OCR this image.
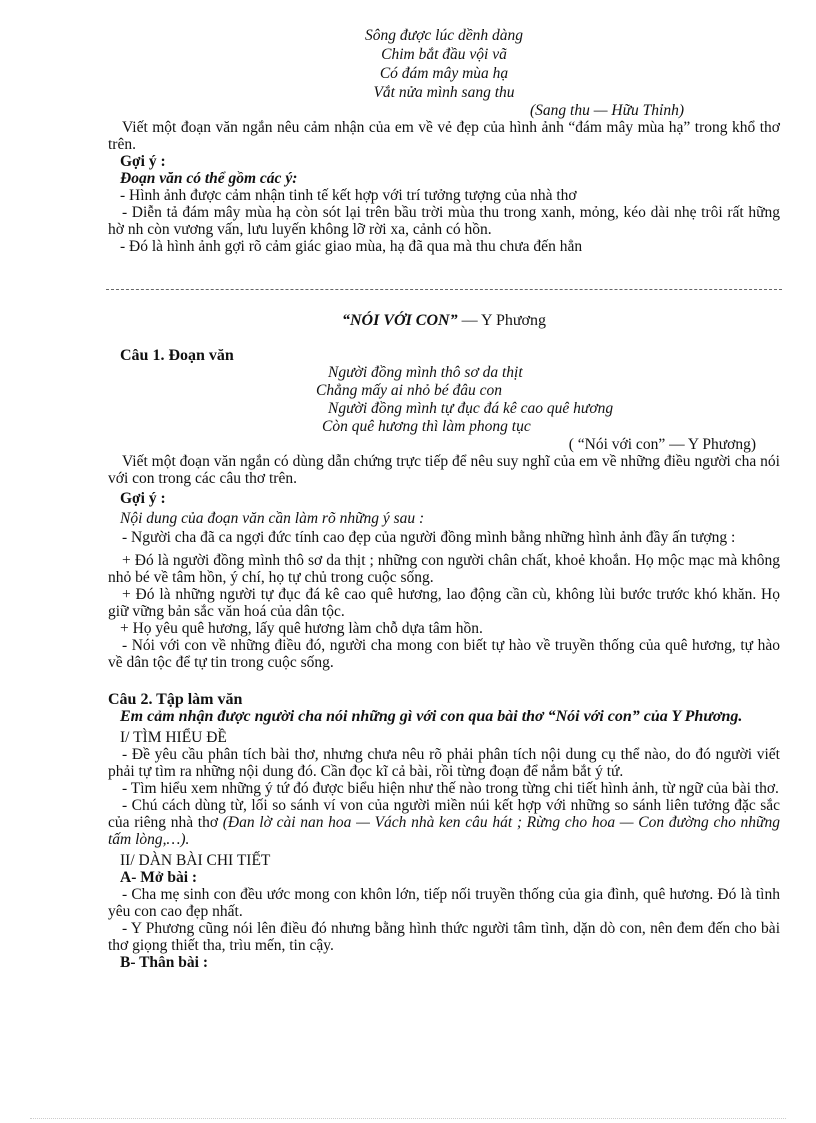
Sông được lúc dềnh dàng
Chim bắt đầu vội vã
Có đám mây mùa hạ
Vắt nửa mình sang thu
(Sang thu — Hữu Thỉnh)
Viết một đoạn văn ngắn nêu cảm nhận của em về vẻ đẹp của hình ảnh “đám mây mùa hạ” trong khổ thơ trên.
Gợi ý :
Đoạn văn có thể gồm các ý:
- Hình ảnh được cảm nhận tinh tế kết hợp với trí tưởng tượng của nhà thơ
- Diễn tả đám mây mùa hạ còn sót lại trên bầu trời mùa thu trong xanh, mỏng, kéo dài nhẹ trôi rất hững hờ nh còn vương vấn, lưu luyến không lỡ rời xa, cảnh có hồn.
- Đó là hình ảnh gợi rõ cảm giác giao mùa, hạ đã qua mà thu chưa đến hẳn
“NÓI VỚI CON” — Y Phương
Câu 1. Đoạn văn
Người đồng mình thô sơ da thịt
Chẳng mấy ai nhỏ bé đâu con
Người đồng mình tự đục đá kê cao quê hương
Còn quê hương thì làm phong tục
( “Nói với con” — Y Phương)
Viết một đoạn văn ngắn có dùng dẫn chứng trực tiếp để nêu suy nghĩ của em về những điều người cha nói với con trong các câu thơ trên.
Gợi ý :
Nội dung của đoạn văn cần làm rõ những ý sau :
- Người cha đã ca ngợi đức tính cao đẹp của người đồng mình bằng những hình ảnh đầy ấn tượng :
+ Đó là người đồng mình thô sơ da thịt ; những con người chân chất, khoẻ khoắn. Họ mộc mạc mà không nhỏ bé về tâm hồn, ý chí, họ tự chủ trong cuộc sống.
+ Đó là những người tự đục đá kê cao quê hương, lao động cần cù, không lùi bước trước khó khăn. Họ giữ vững bản sắc văn hoá của dân tộc.
+ Họ yêu quê hương, lấy quê hương làm chỗ dựa tâm hồn.
- Nói với con về những điều đó, người cha mong con biết tự hào về truyền thống của quê hương, tự hào về dân tộc để tự tin trong cuộc sống.
Câu 2. Tập làm văn
Em cảm nhận được người cha nói những gì với con qua bài thơ “Nói với con” của Y Phương.
I/ TÌM HIỂU ĐỀ
- Đề yêu cầu phân tích bài thơ, nhưng chưa nêu rõ phải phân tích nội dung cụ thể nào, do đó người viết phải tự tìm ra những nội dung đó. Cần đọc kĩ cả bài, rồi từng đoạn để nắm bắt ý tứ.
- Tìm hiểu xem những ý tứ đó được biểu hiện như thế nào trong từng chi tiết hình ảnh, từ ngữ của bài thơ.
- Chú cách dùng từ, lối so sánh ví von của người miền núi kết hợp với những so sánh liên tưởng đặc sắc của riêng nhà thơ (Đan lờ cài nan hoa — Vách nhà ken câu hát ; Rừng cho hoa — Con đường cho những tấm lòng,…).
II/ DÀN BÀI CHI TIẾT
A- Mở bài :
- Cha mẹ sinh con đều ước mong con khôn lớn, tiếp nối truyền thống của gia đình, quê hương. Đó là tình yêu con cao đẹp nhất.
- Y Phương cũng nói lên điều đó nhưng bằng hình thức người tâm tình, dặn dò con, nên đem đến cho bài thơ giọng thiết tha, trìu mến, tin cậy.
B- Thân bài :
